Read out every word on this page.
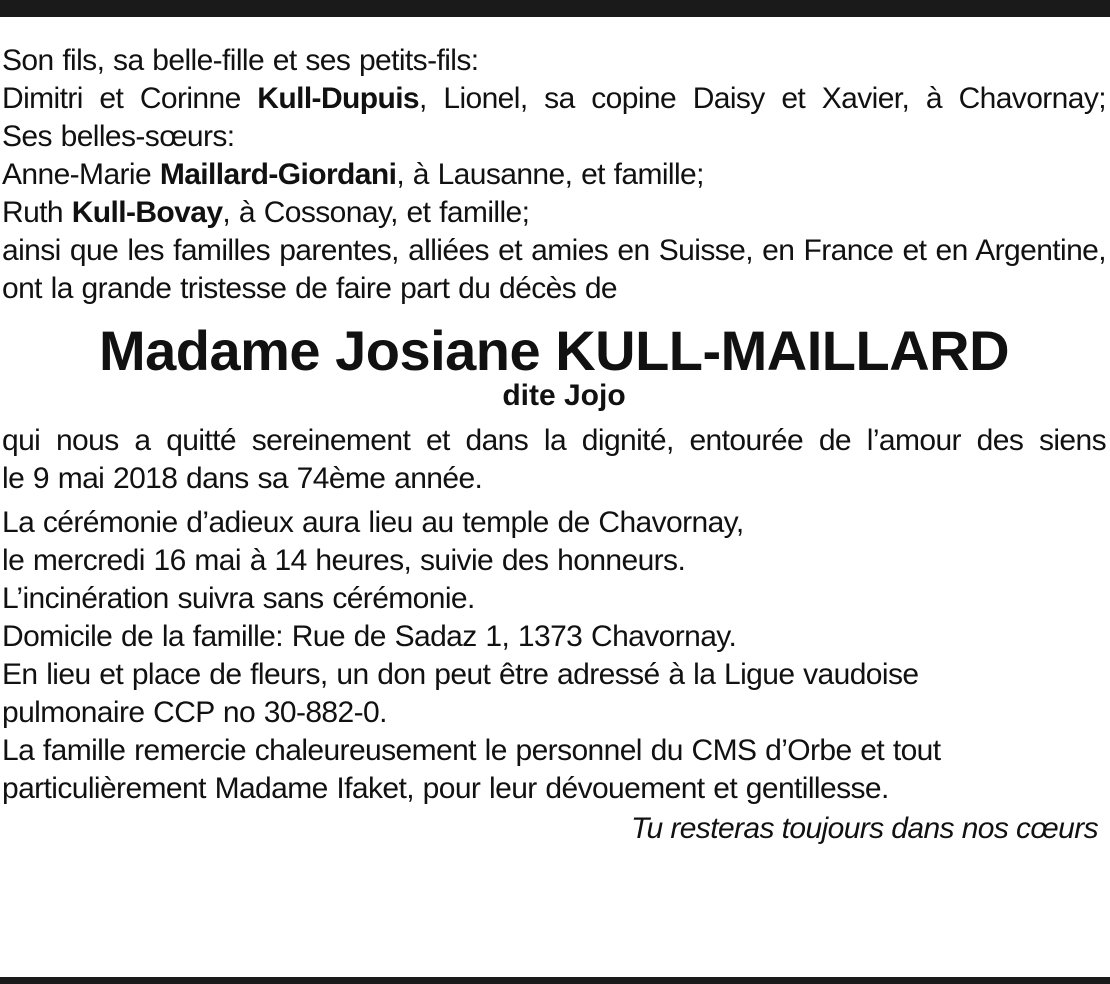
Son fils, sa belle-fille et ses petits-fils:
Dimitri et Corinne Kull-Dupuis, Lionel, sa copine Daisy et Xavier, à Chavornay;
Ses belles-sœurs:
Anne-Marie Maillard-Giordani, à Lausanne, et famille;
Ruth Kull-Bovay, à Cossonay, et famille;
ainsi que les familles parentes, alliées et amies en Suisse, en France et en Argentine,
ont la grande tristesse de faire part du décès de
Madame Josiane KULL-MAILLARD
dite Jojo
qui nous a quitté sereinement et dans la dignité, entourée de l’amour des siens
le 9 mai 2018 dans sa 74ème année.
La cérémonie d’adieux aura lieu au temple de Chavornay,
le mercredi 16 mai à 14 heures, suivie des honneurs.
L’incinération suivra sans cérémonie.
Domicile de la famille: Rue de Sadaz 1, 1373 Chavornay.
En lieu et place de fleurs, un don peut être adressé à la Ligue vaudoise
pulmonaire CCP no 30-882-0.
La famille remercie chaleureusement le personnel du CMS d’Orbe et tout
particulièrement Madame Ifaket, pour leur dévouement et gentillesse.
Tu resteras toujours dans nos cœurs
